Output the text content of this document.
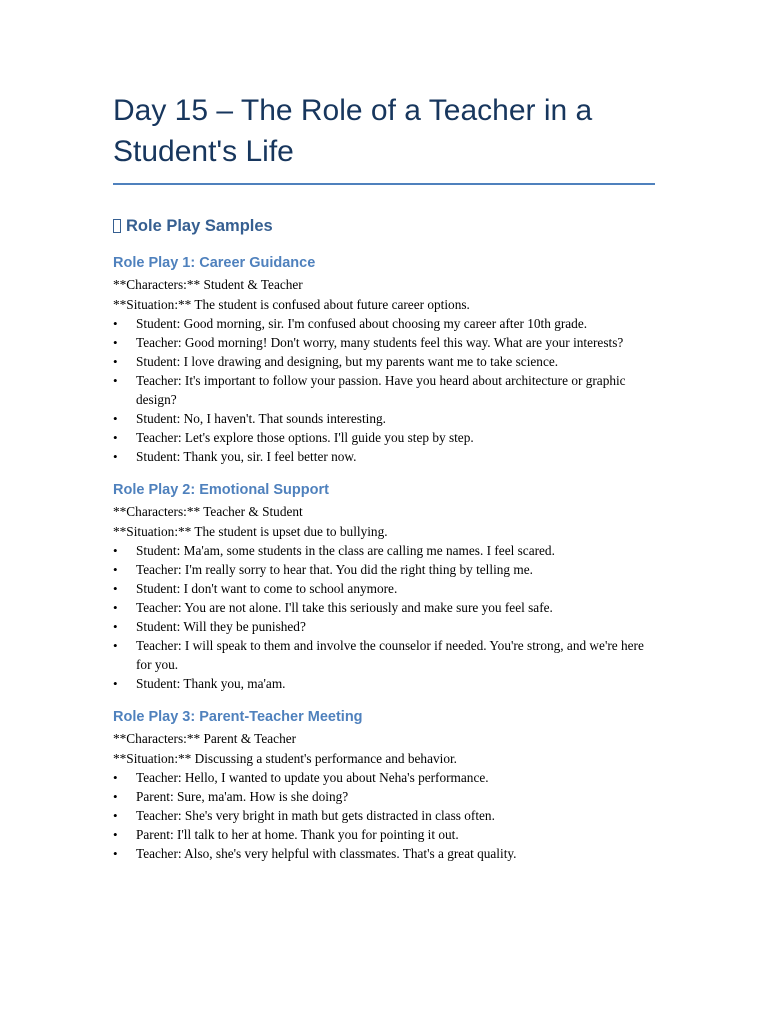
Day 15 – The Role of a Teacher in a Student's Life
Role Play Samples
Role Play 1: Career Guidance

**Characters:** Student & Teacher

**Situation:** The student is confused about future career options.

• Student: Good morning, sir. I'm confused about choosing my career after 10th grade.
• Teacher: Good morning! Don't worry, many students feel this way. What are your interests?
• Student: I love drawing and designing, but my parents want me to take science.
• Teacher: It's important to follow your passion. Have you heard about architecture or graphic design?
• Student: No, I haven't. That sounds interesting.
• Teacher: Let's explore those options. I'll guide you step by step.
• Student: Thank you, sir. I feel better now.
Role Play 2: Emotional Support

**Characters:** Teacher & Student

**Situation:** The student is upset due to bullying.

• Student: Ma'am, some students in the class are calling me names. I feel scared.
• Teacher: I'm really sorry to hear that. You did the right thing by telling me.
• Student: I don't want to come to school anymore.
• Teacher: You are not alone. I'll take this seriously and make sure you feel safe.
• Student: Will they be punished?
• Teacher: I will speak to them and involve the counselor if needed. You're strong, and we're here for you.
• Student: Thank you, ma'am.
Role Play 3: Parent-Teacher Meeting

**Characters:** Parent & Teacher

**Situation:** Discussing a student's performance and behavior.

• Teacher: Hello, I wanted to update you about Neha's performance.
• Parent: Sure, ma'am. How is she doing?
• Teacher: She's very bright in math but gets distracted in class often.
• Parent: I'll talk to her at home. Thank you for pointing it out.
• Teacher: Also, she's very helpful with classmates. That's a great quality.
